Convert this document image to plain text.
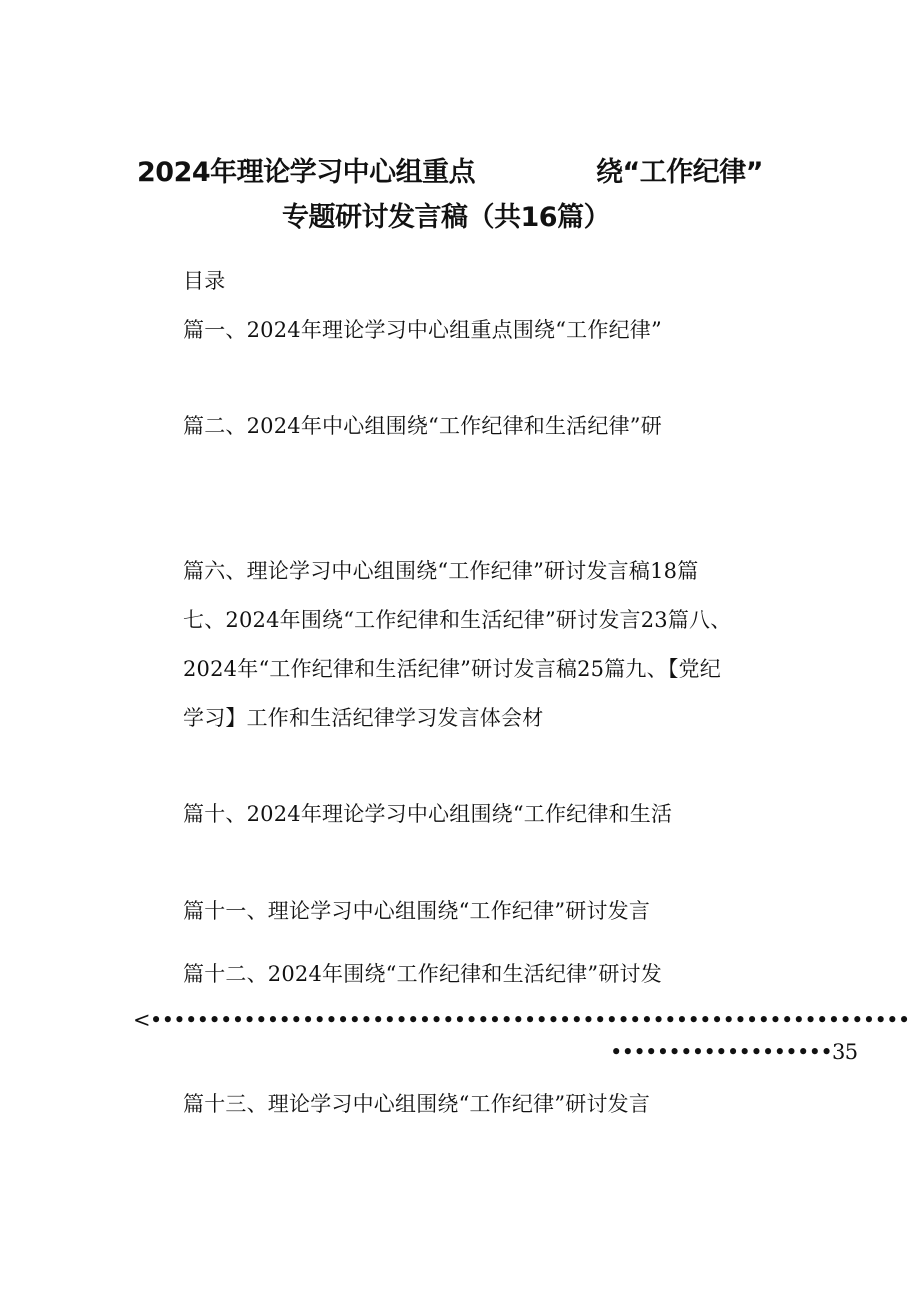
2024年理论学习中心组重点	绕“工作纪律”
专题研讨发言稿（共16篇）
目录
篇一、2024年理论学习中心组重点围绕“工作纪律”
篇二、2024年中心组围绕“工作纪律和生活纪律”研
篇六、理论学习中心组围绕“工作纪律”研讨发言稿18篇
七、2024年围绕“工作纪律和生活纪律”研讨发言23篇八、
2024年“工作纪律和生活纪律”研讨发言稿25篇九、【党纪
学习】工作和生活纪律学习发言体会材
篇十、2024年理论学习中心组围绕“工作纪律和生活
篇十一、理论学习中心组围绕“工作纪律”研讨发言
篇十二、2024年围绕“工作纪律和生活纪律”研讨发
<•••••••••••••••••••••••••••••••••••••••••••••••••••••••••••••••••
•••••••••••••••••••35
篇十三、理论学习中心组围绕“工作纪律”研讨发言
